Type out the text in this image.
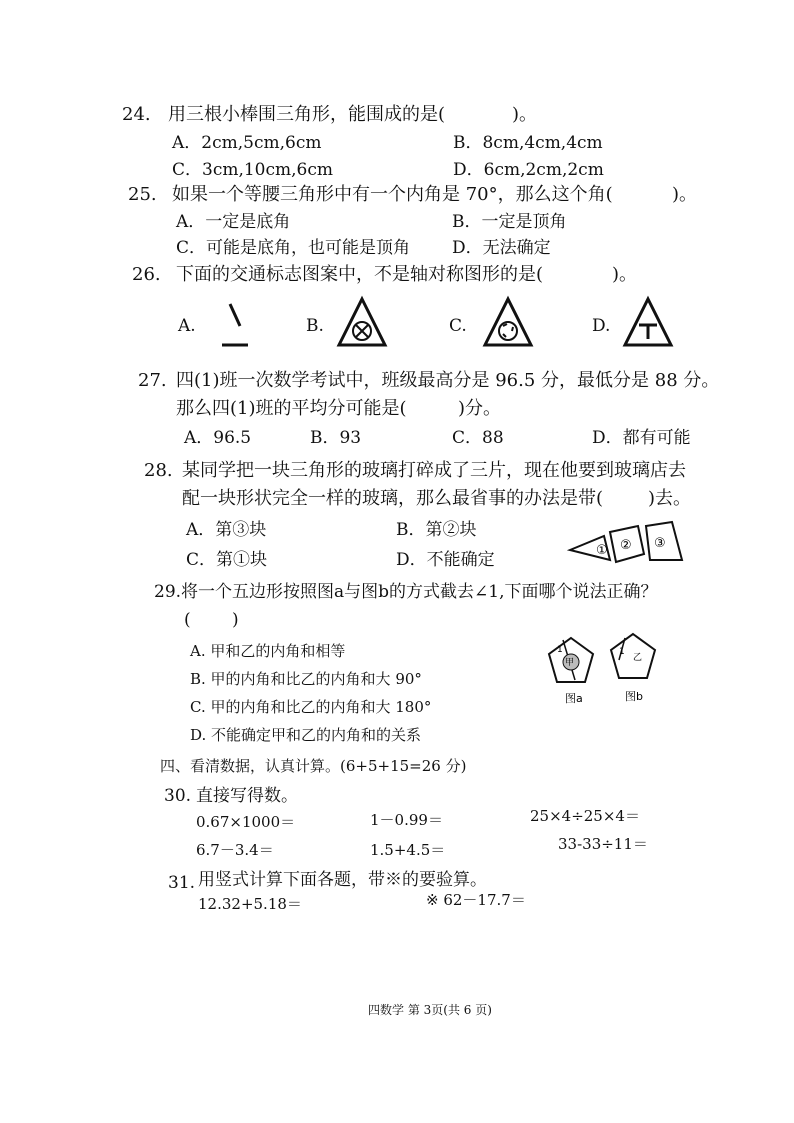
24. 用三根小棒围三角形，能围成的是(	)。
A．2cm,5cm,6cm	B．8cm,4cm,4cm
C．3cm,10cm,6cm	D．6cm,2cm,2cm
25. 如果一个等腰三角形中有一个内角是 70°，那么这个角(	)。
A．一定是底角	B．一定是顶角
C．可能是底角，也可能是顶角 D．无法确定
26. 下面的交通标志图案中，不是轴对称图形的是(	)。
A.	B.	C.	D.
27. 四(1)班一次数学考试中，班级最高分是 96.5 分，最低分是 88 分。
那么四(1)班的平均分可能是(	)分。
A．96.5	B．93	C．88	D．都有可能
28. 某同学把一块三角形的玻璃打碎成了三片，现在他要到玻璃店去
配一块形状完全一样的玻璃，那么最省事的办法是带( )去。
A．第③块	B．第②块
C．第①块	D．不能确定	① ② ③
29.将一个五边形按照图a与图b的方式截去∠1,下面哪个说法正确？
( )
A. 甲和乙的内角和相等
B. 甲的内角和比乙的内角和大 90°
C. 甲的内角和比乙的内角和大 180°
D. 不能确定甲和乙的内角和的关系
1
甲
图a
1
乙
图b
四、看清数据，认真计算。(6+5+15=26 分)
30. 直接写得数。
0.67×1000＝	1－0.99＝	25×4÷25×4＝
6.7－3.4＝	1.5+4.5＝	33-33÷11＝
31. 用竖式计算下面各题，带※的要验算。
12.32+5.18＝	※ 62－17.7＝
四数学 第 3页(共 6 页)
